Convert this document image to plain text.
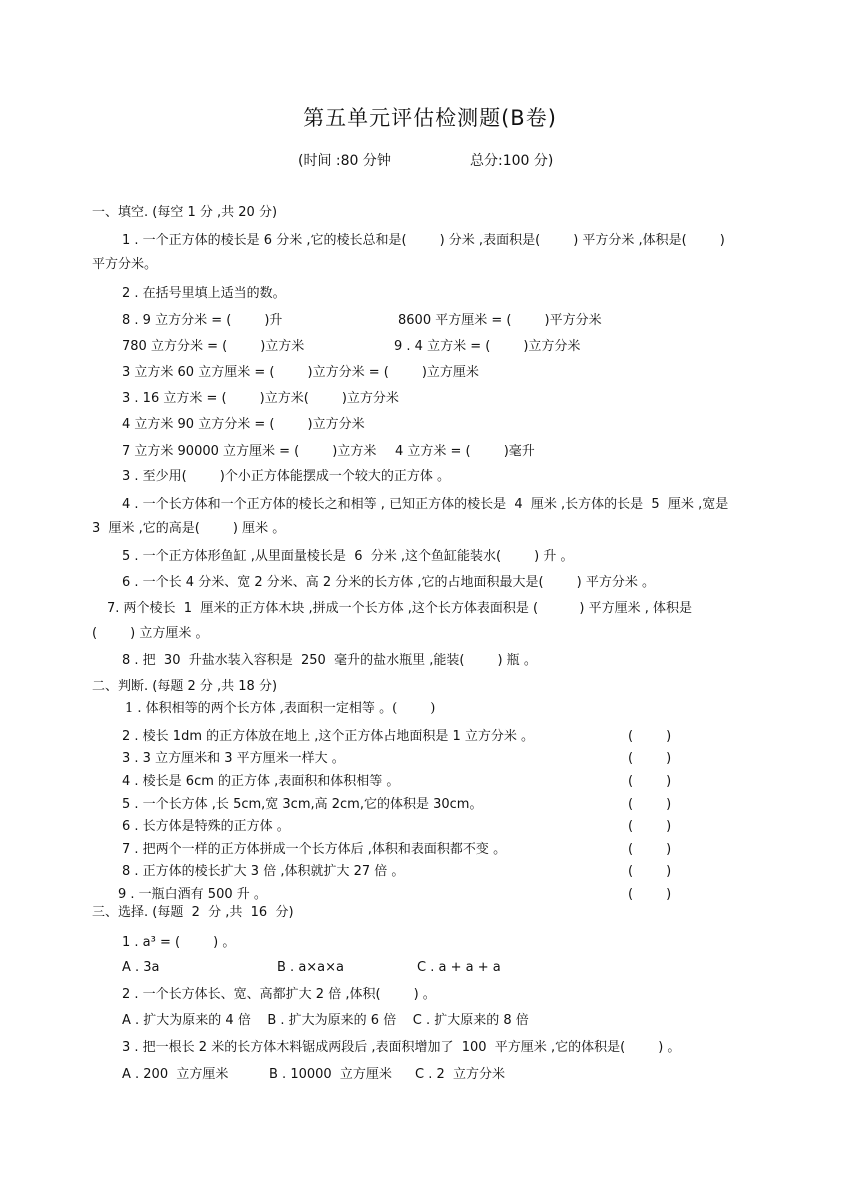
第五单元评估检测题(B卷)
(时间 :80 分钟	总分:100 分)
一、填空. (每空 1 分 ,共 20 分)
1 . 一个正方体的棱长是 6 分米 ,它的棱长总和是(        ) 分米 ,表面积是(        ) 平方分米 ,体积是(        )
平方分米。
2 . 在括号里填上适当的数。
8 . 9 立方分米 = (        )升	8600 平方厘米 = (        )平方分米
780 立方分米 = (        )立方米	9 . 4 立方米 = (        )立方分米
3 立方米 60 立方厘米 = (        )立方分米 = (        )立方厘米
3 . 16 立方米 = (        )立方米(        )立方分米
4 立方米 90 立方分米 = (        )立方分米
7 立方米 90000 立方厘米 = (        )立方米 4 立方米 = (        )毫升
3 . 至少用(        )个小正方体能摆成一个较大的正方体 。
4 . 一个长方体和一个正方体的棱长之和相等 , 已知正方体的棱长是  4  厘米 ,长方体的长是  5  厘米 ,宽是
3  厘米 ,它的高是(        ) 厘米 。
5 . 一个正方体形鱼缸 ,从里面量棱长是  6  分米 ,这个鱼缸能装水(        ) 升 。
6 . 一个长 4 分米、宽 2 分米、高 2 分米的长方体 ,它的占地面积最大是(        ) 平方分米 。
7. 两个棱长  1  厘米的正方体木块 ,拼成一个长方体 ,这个长方体表面积是 (          ) 平方厘米 , 体积是
(        ) 立方厘米 。
8 . 把  30  升盐水装入容积是  250  毫升的盐水瓶里 ,能装(        ) 瓶 。
二、判断. (每题 2 分 ,共 18 分)
1 . 体积相等的两个长方体 ,表面积一定相等 。(        )
2 . 棱长 1dm 的正方体放在地上 ,这个正方体占地面积是 1 立方分米 。	(        )
3 . 3 立方厘米和 3 平方厘米一样大 。	(        )
4 . 棱长是 6cm 的正方体 ,表面积和体积相等 。	(        )
5 . 一个长方体 ,长 5cm,宽 3cm,高 2cm,它的体积是 30cm。	(        )
6 . 长方体是特殊的正方体 。	(        )
7 . 把两个一样的正方体拼成一个长方体后 ,体积和表面积都不变 。	(        )
8 . 正方体的棱长扩大 3 倍 ,体积就扩大 27 倍 。	(        )
9 . 一瓶白酒有 500 升 。	(        )
三、选择. (每题  2  分 ,共  16  分)
1 . a³ = (        ) 。
A . 3a	B . a×a×a	C . a + a + a
2 . 一个长方体长、宽、高都扩大 2 倍 ,体积(        ) 。
A . 扩大为原来的 4 倍    B . 扩大为原来的 6 倍    C . 扩大原来的 8 倍
3 . 把一根长 2 米的长方体木料锯成两段后 ,表面积增加了  100  平方厘米 ,它的体积是(        ) 。
A . 200  立方厘米	B . 10000  立方厘米 C . 2  立方分米
